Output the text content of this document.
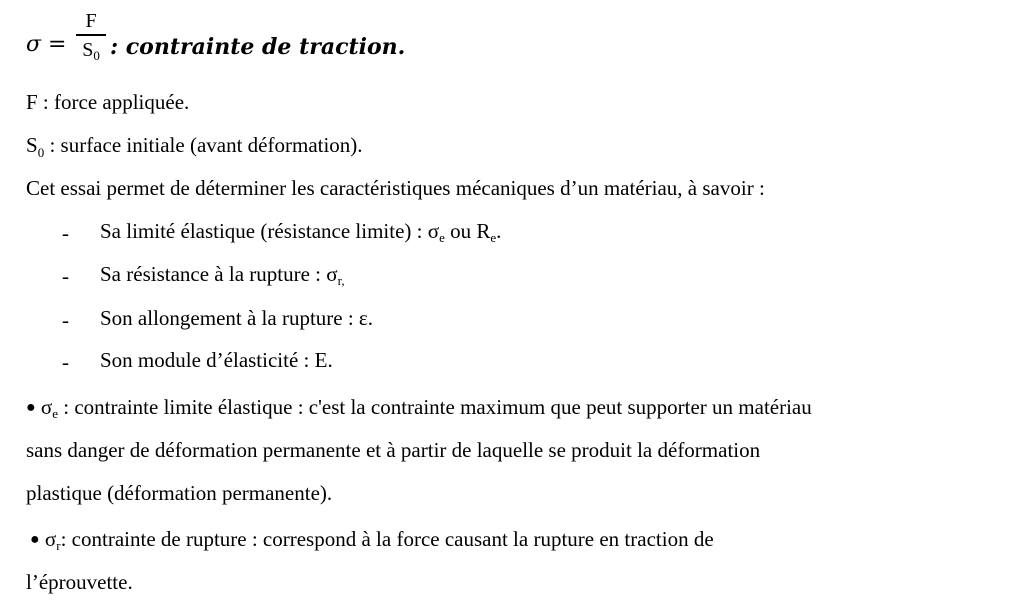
σ =
F
$S_0$ : contrainte de traction.
F : force appliquée.
$S_0$ : surface initiale (avant déformation).
Cet essai permet de déterminer les caractéristiques mécaniques d’un matériau, à savoir :
- Sa limité élastique (résistance limite) : σe ou Re.
- Sa résistance à la rupture : σr,
- Son allongement à la rupture : ε.
- Son module d’élasticité : E.
● σe : contrainte limite élastique : c'est la contrainte maximum que peut supporter un matériau
sans danger de déformation permanente et à partir de laquelle se produit la déformation
plastique (déformation permanente).
● σr: contrainte de rupture : correspond à la force causant la rupture en traction de
l’éprouvette.
